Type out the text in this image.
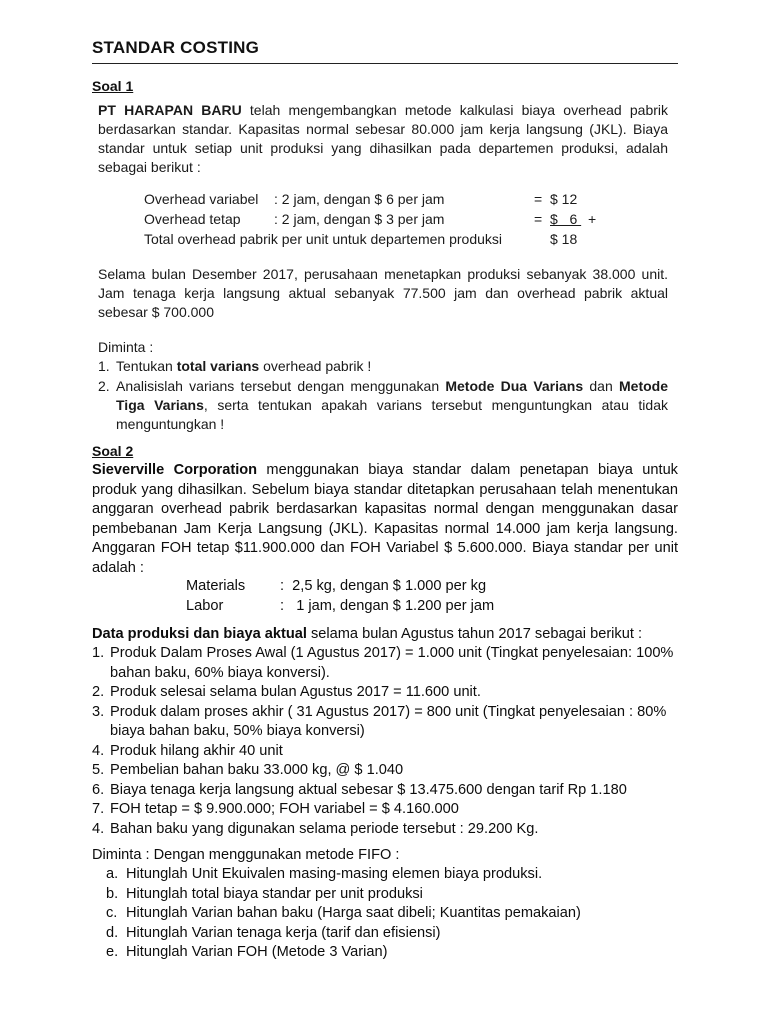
STANDAR COSTING
Soal 1
PT HARAPAN BARU telah mengembangkan metode kalkulasi biaya overhead pabrik berdasarkan standar. Kapasitas normal sebesar 80.000 jam kerja langsung (JKL). Biaya standar untuk setiap unit produksi yang dihasilkan pada departemen produksi, adalah sebagai berikut :
Overhead variabel : 2 jam, dengan $ 6 per jam	= $ 12
Overhead tetap : 2 jam, dengan $ 3 per jam	= $   6 +
Total overhead pabrik per unit untuk departemen produksi	$ 18
Selama bulan Desember 2017, perusahaan menetapkan produksi sebanyak 38.000 unit. Jam tenaga kerja langsung aktual sebanyak 77.500 jam dan overhead pabrik aktual sebesar $ 700.000
Diminta :
1. Tentukan total varians overhead pabrik !
2. Analisislah varians tersebut dengan menggunakan Metode Dua Varians dan Metode Tiga Varians, serta tentukan apakah varians tersebut menguntungkan atau tidak menguntungkan !
Soal 2
Sieverville Corporation menggunakan biaya standar dalam penetapan biaya untuk produk yang dihasilkan. Sebelum biaya standar ditetapkan perusahaan telah menentukan anggaran overhead pabrik berdasarkan kapasitas normal dengan menggunakan dasar pembebanan Jam Kerja Langsung (JKL). Kapasitas normal 14.000 jam kerja langsung. Anggaran FOH tetap $11.900.000 dan FOH Variabel $ 5.600.000. Biaya standar per unit adalah :
Materials :  2,5 kg, dengan $ 1.000 per kg
Labor	:   1 jam, dengan $ 1.200 per jam
Data produksi dan biaya aktual selama bulan Agustus tahun 2017 sebagai berikut :
1. Produk Dalam Proses Awal (1 Agustus 2017) = 1.000 unit (Tingkat penyelesaian: 100% bahan baku, 60% biaya konversi).
2. Produk selesai selama bulan Agustus 2017 = 11.600 unit.
3. Produk dalam proses akhir ( 31 Agustus 2017) = 800 unit (Tingkat penyelesaian : 80% biaya bahan baku, 50% biaya konversi)
4. Produk hilang akhir 40 unit
5. Pembelian bahan baku 33.000 kg, @ $ 1.040
6. Biaya tenaga kerja langsung aktual sebesar $ 13.475.600 dengan tarif Rp 1.180
7. FOH tetap = $ 9.900.000; FOH variabel = $ 4.160.000
4. Bahan baku yang digunakan selama periode tersebut : 29.200 Kg.
Diminta : Dengan menggunakan metode FIFO :
a. Hitunglah Unit Ekuivalen masing-masing elemen biaya produksi.
b. Hitunglah total biaya standar per unit produksi
c. Hitunglah Varian bahan baku (Harga saat dibeli; Kuantitas pemakaian)
d. Hitunglah Varian tenaga kerja (tarif dan efisiensi)
e. Hitunglah Varian FOH (Metode 3 Varian)
